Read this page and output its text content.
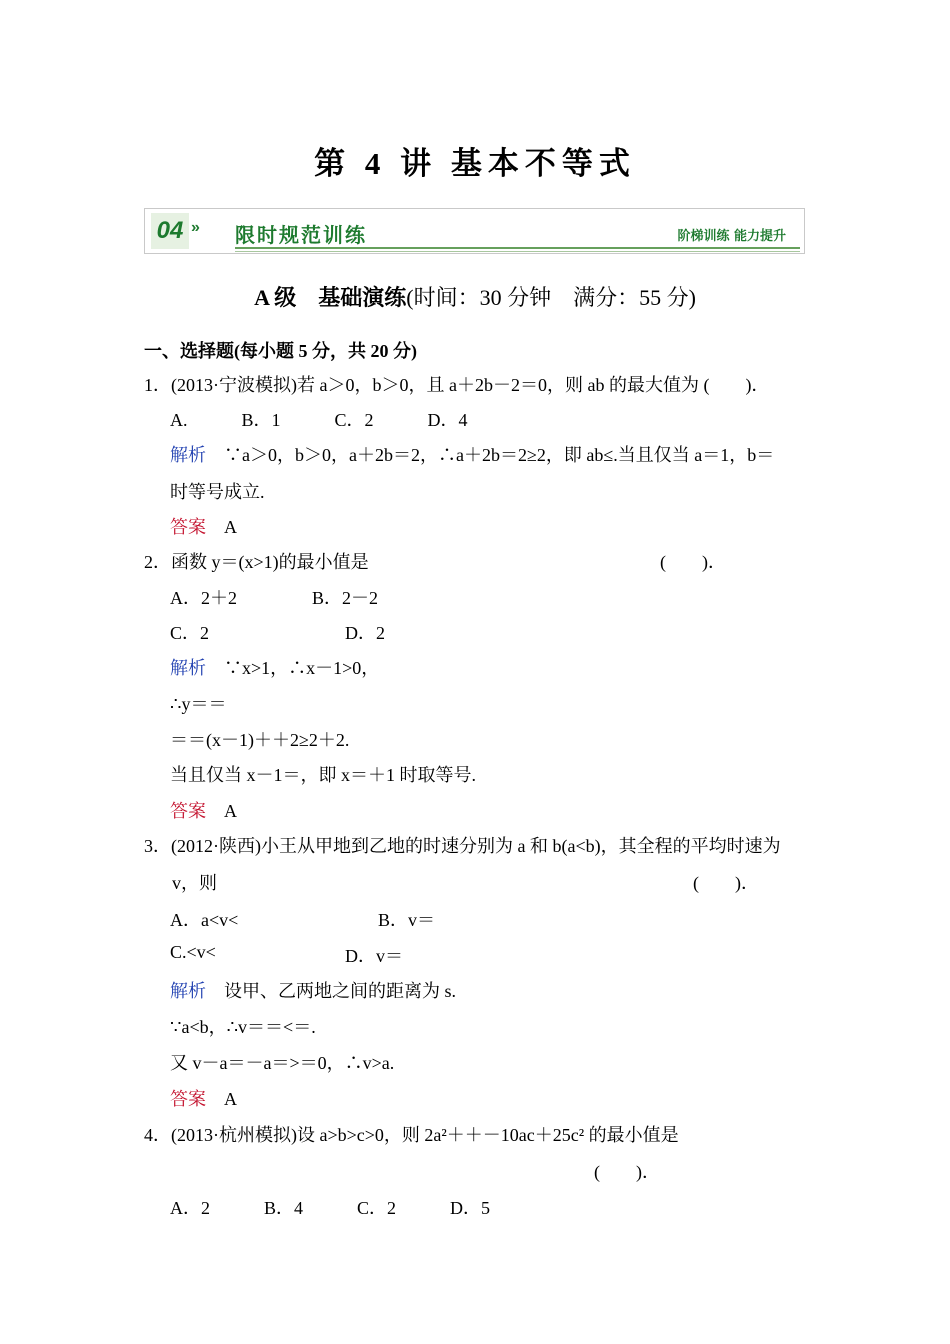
第 4 讲 基本不等式
04 » 限时规范训练	阶梯训练 能力提升
A 级　基础演练(时间：30 分钟　满分：55 分)
一、选择题(每小题 5 分，共 20 分)
1．(2013·宁波模拟)若 a＞0，b＞0，且 a＋2b－2＝0，则 ab 的最大值为 (　　)．
A.　　　B．1　　　C．2　　　D．4
解析　∵a＞0，b＞0，a＋2b＝2，∴a＋2b＝2≥2，即 ab≤.当且仅当 a＝1，b＝
时等号成立.
答案　A
2．函数 y＝(x>1)的最小值是	(　　)．
A．2＋2	B．2－2
C．2	D．2
解析　∵x>1，∴x－1>0，
∴y＝＝
＝＝(x－1)＋＋2≥2＋2.
当且仅当 x－1＝，即 x＝＋1 时取等号.
答案　A
3．(2012·陕西)小王从甲地到乙地的时速分别为 a 和 b(a<b)，其全程的平均时速为
v，则	(　　)．
A．a<v<	B．v＝
C.<v<	D．v＝
解析　设甲、乙两地之间的距离为 s.
∵a<b，∴v＝＝<＝.
又 v－a＝－a＝>＝0，∴v>a.
答案　A
4．(2013·杭州模拟)设 a>b>c>0，则 2a²＋＋－10ac＋25c² 的最小值是
(　　)．
A．2　　　B．4　　　C．2　　　D．5
